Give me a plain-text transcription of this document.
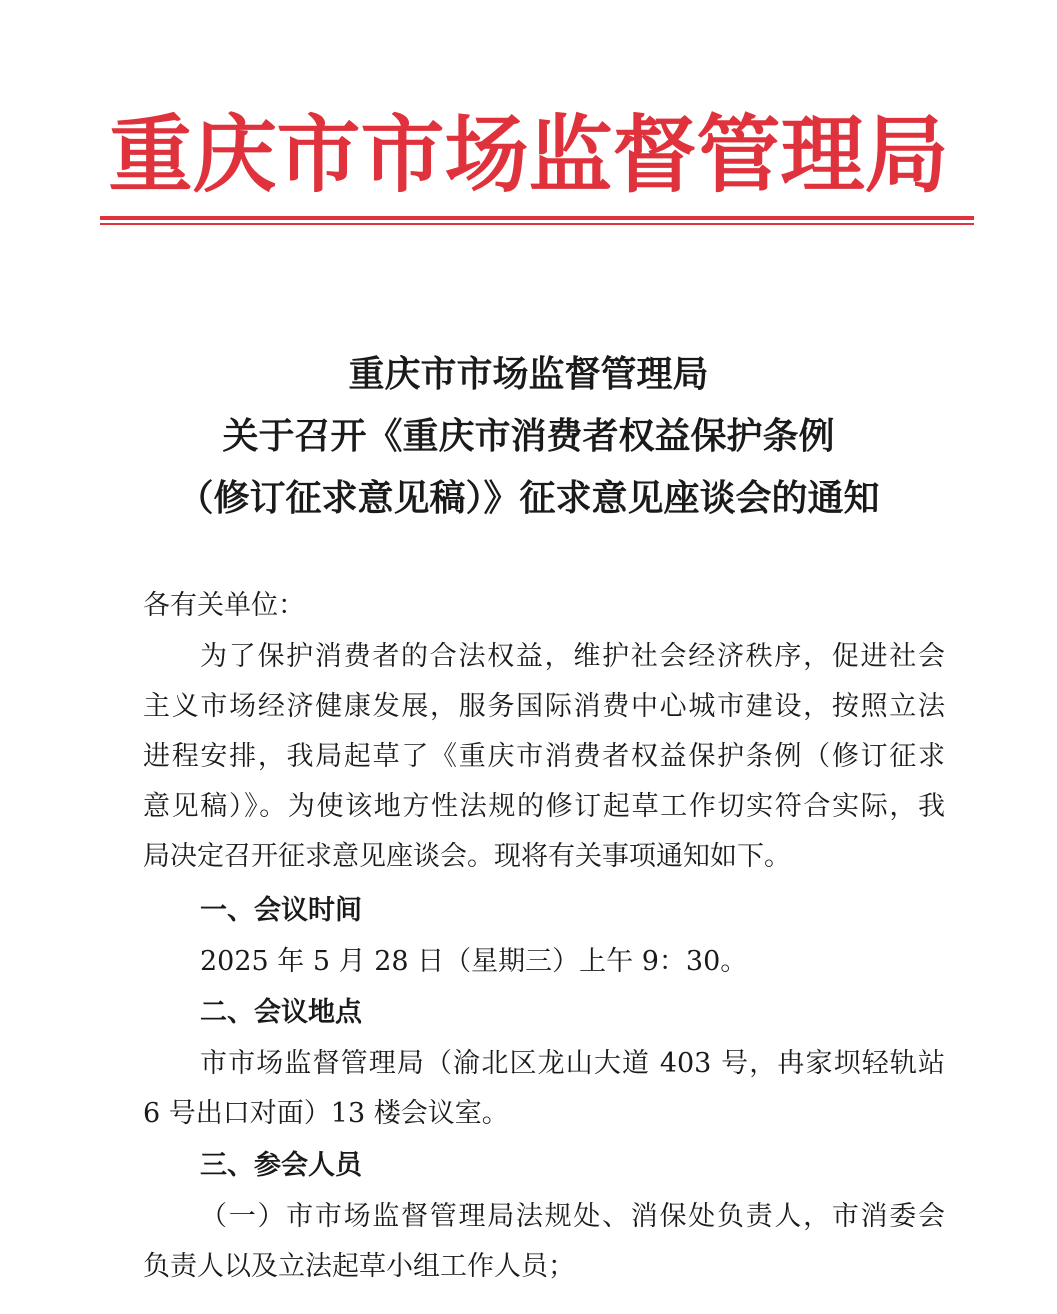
重庆市市场监督管理局
重庆市市场监督管理局
关于召开《重庆市消费者权益保护条例
（修订征求意见稿）》征求意见座谈会的通知
各有关单位：
为了保护消费者的合法权益，维护社会经济秩序，促进社会
主义市场经济健康发展，服务国际消费中心城市建设，按照立法
进程安排，我局起草了《重庆市消费者权益保护条例（修订征求
意见稿）》。为使该地方性法规的修订起草工作切实符合实际，我
局决定召开征求意见座谈会。现将有关事项通知如下。
一、会议时间
2025 年 5 月 28 日（星期三）上午 9：30。
二、会议地点
市市场监督管理局（渝北区龙山大道 403 号，冉家坝轻轨站
6 号出口对面）13 楼会议室。
三、参会人员
（一）市市场监督管理局法规处、消保处负责人，市消委会
负责人以及立法起草小组工作人员；
